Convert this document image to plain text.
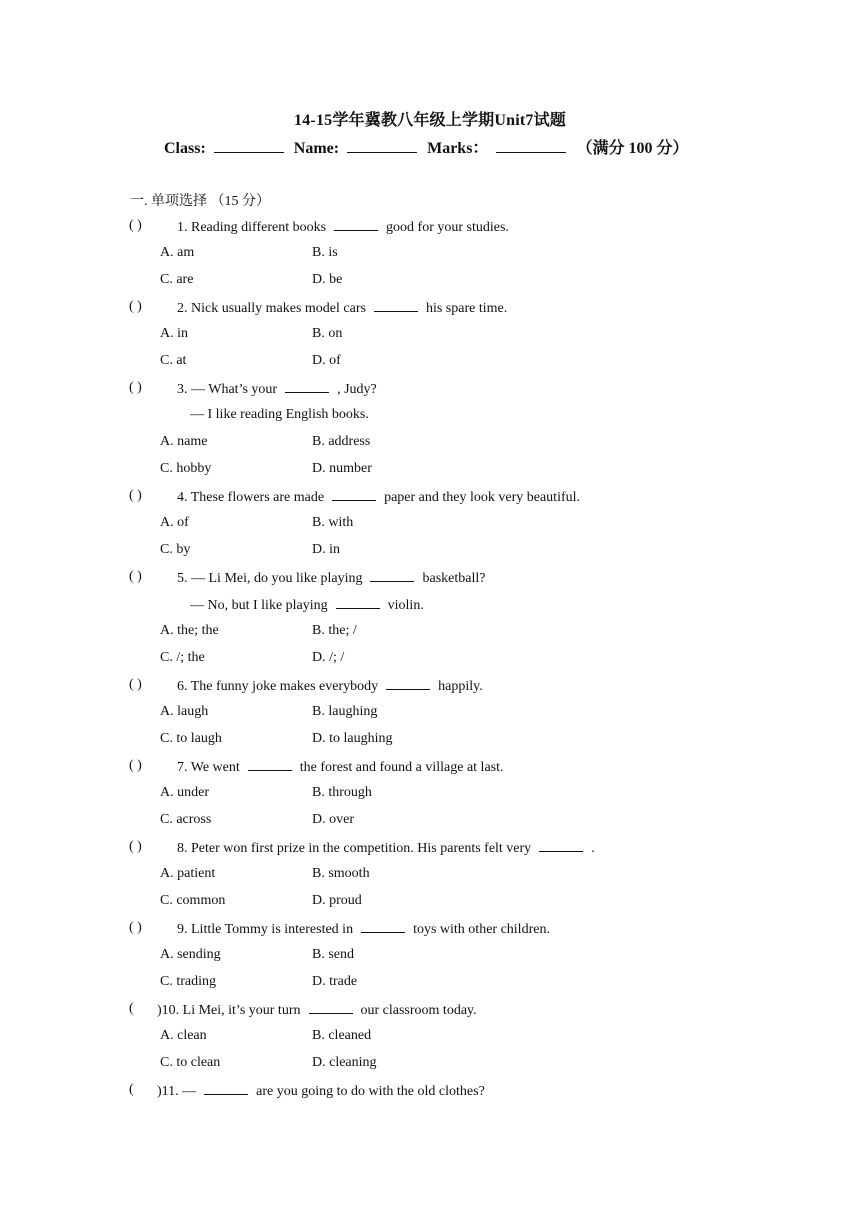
14-15学年冀教八年级上学期Unit7试题
Class:	Name:	Marks：	（满分 100 分）
一. 单项选择 （15 分）
( )	1. Reading different books	good for your studies.
A. am	B. is
C. are	D. be
( )	2. Nick usually makes model cars	his spare time.
A. in	B. on
C. at	D. of
( )	3. — What’s your	, Judy?
— I like reading English books.
A. name	B. address
C. hobby	D. number
( )	4. These flowers are made	paper and they look very beautiful.
A. of	B. with
C. by	D. in
( )	5. — Li Mei, do you like playing	basketball?
— No, but I like playing	violin.
A. the; the	B. the; /
C. /; the	D. /; /
( )	6. The funny joke makes everybody	happily.
A. laugh	B. laughing
C. to laugh	D. to laughing
( )	7. We went	the forest and found a village at last.
A. under	B. through
C. across	D. over
( )	8. Peter won first prize in the competition. His parents felt very	.
A. patient	B. smooth
C. common	D. proud
( )	9. Little Tommy is interested in	toys with other children.
A. sending	B. send
C. trading	D. trade
( )10. Li Mei, it’s your turn	our classroom today.
A. clean	B. cleaned
C. to clean	D. cleaning
( )11. —	are you going to do with the old clothes?
